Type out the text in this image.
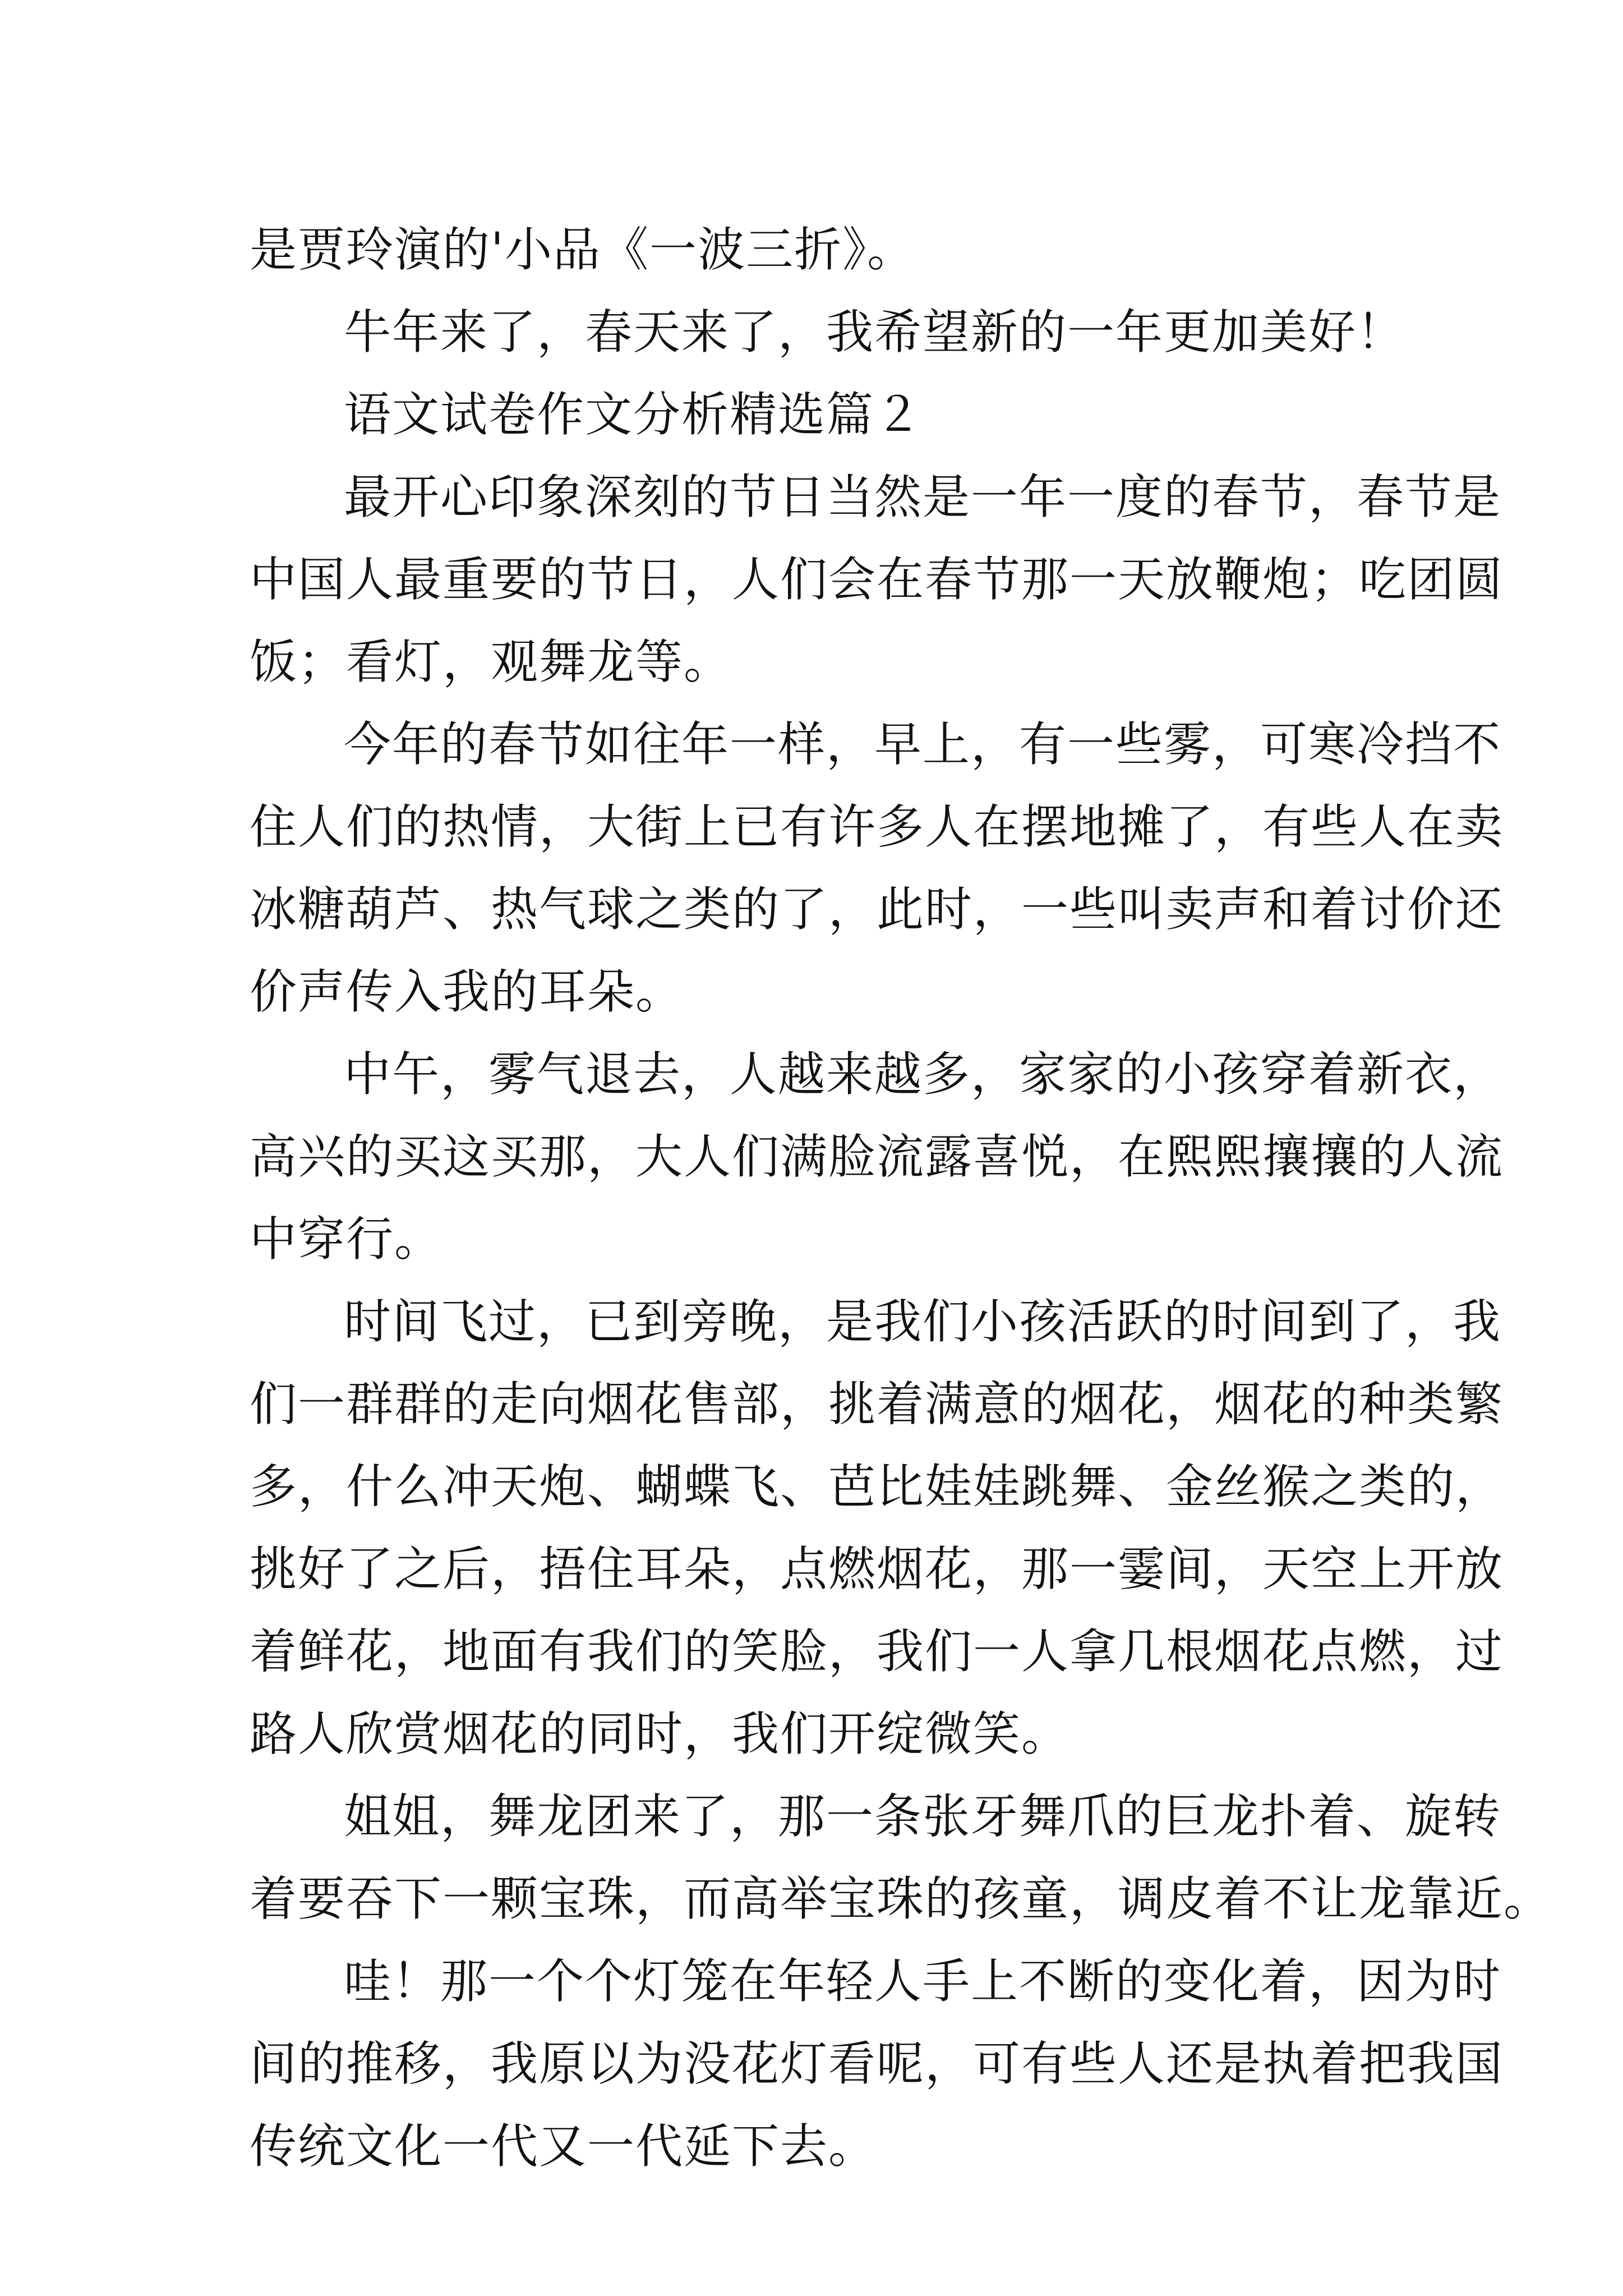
是贾玲演的'小品《一波三折》。
牛年来了，春天来了，我希望新的一年更加美好！
语文试卷作文分析精选篇２
最开心印象深刻的节日当然是一年一度的春节，春节是
中国人最重要的节日，人们会在春节那一天放鞭炮；吃团圆
饭；看灯，观舞龙等。
今年的春节如往年一样，早上，有一些雾，可寒冷挡不
住人们的热情，大街上已有许多人在摆地摊了，有些人在卖
冰糖葫芦、热气球之类的了，此时，一些叫卖声和着讨价还
价声传入我的耳朵。
中午，雾气退去，人越来越多，家家的小孩穿着新衣，
高兴的买这买那，大人们满脸流露喜悦，在熙熙攘攘的人流
中穿行。
时间飞过，已到旁晚，是我们小孩活跃的时间到了，我
们一群群的走向烟花售部，挑着满意的烟花，烟花的种类繁
多，什么冲天炮、蝴蝶飞、芭比娃娃跳舞、金丝猴之类的，
挑好了之后，捂住耳朵，点燃烟花，那一霎间，天空上开放
着鲜花，地面有我们的笑脸，我们一人拿几根烟花点燃，过
路人欣赏烟花的同时，我们开绽微笑。
姐姐，舞龙团来了，那一条张牙舞爪的巨龙扑着、旋转
着要吞下一颗宝珠，而高举宝珠的孩童，调皮着不让龙靠近。
哇！那一个个灯笼在年轻人手上不断的变化着，因为时
间的推移，我原以为没花灯看呢，可有些人还是执着把我国
传统文化一代又一代延下去。
